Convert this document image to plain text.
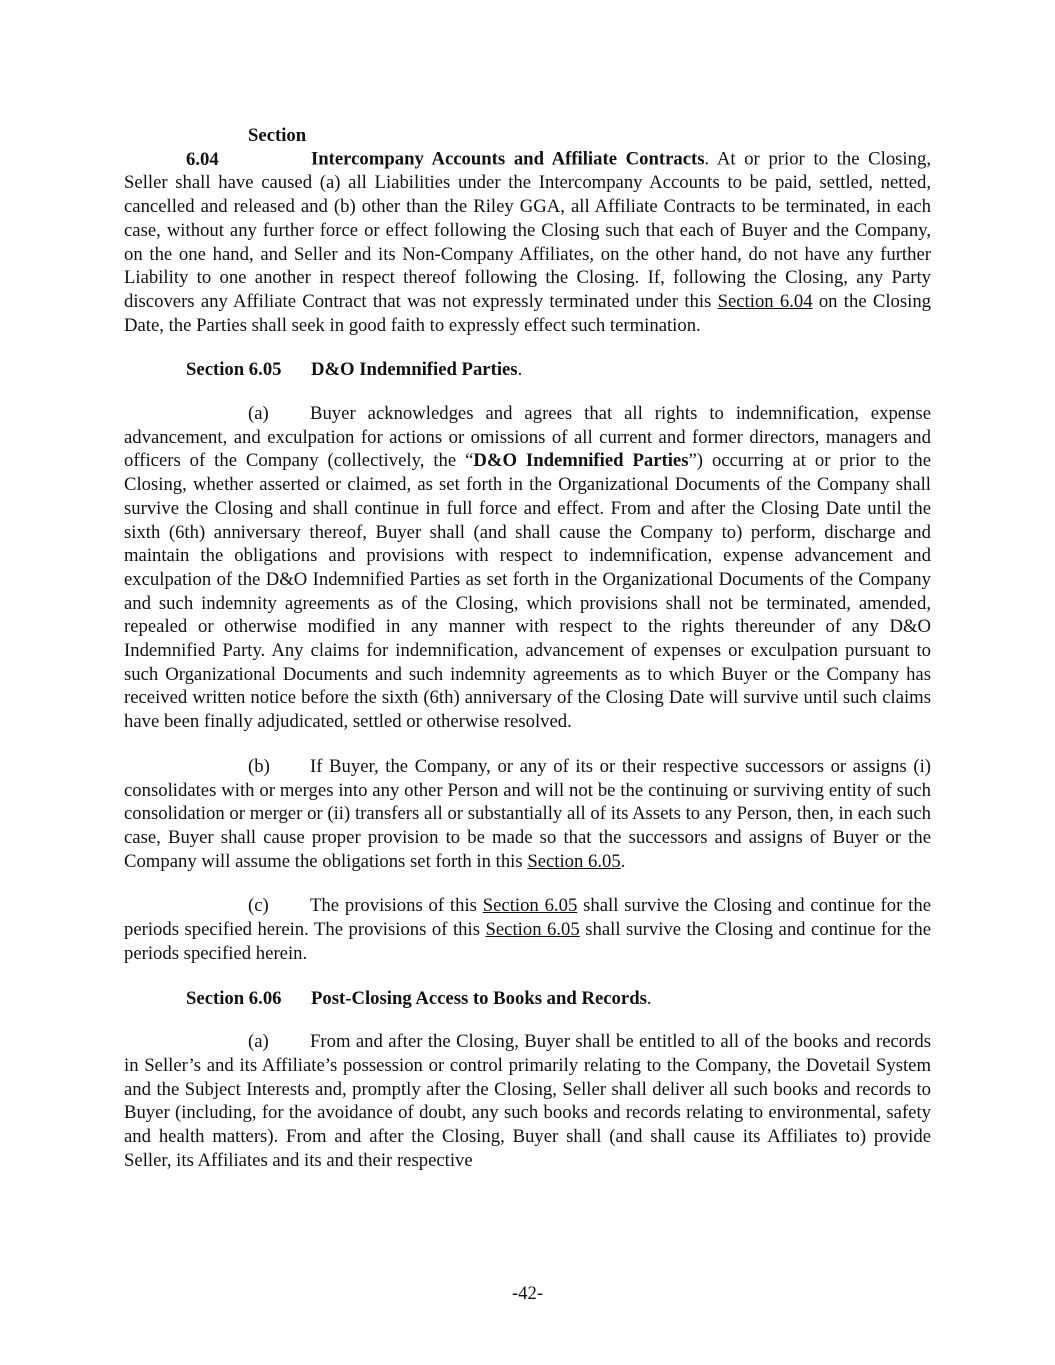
Section 6.04	Intercompany Accounts and Affiliate Contracts. At or prior to the Closing, Seller shall have caused (a) all Liabilities under the Intercompany Accounts to be paid, settled, netted, cancelled and released and (b) other than the Riley GGA, all Affiliate Contracts to be terminated, in each case, without any further force or effect following the Closing such that each of Buyer and the Company, on the one hand, and Seller and its Non-Company Affiliates, on the other hand, do not have any further Liability to one another in respect thereof following the Closing. If, following the Closing, any Party discovers any Affiliate Contract that was not expressly terminated under this Section 6.04 on the Closing Date, the Parties shall seek in good faith to expressly effect such termination.

Section 6.05 D&O Indemnified Parties.

(a) Buyer acknowledges and agrees that all rights to indemnification, expense advancement, and exculpation for actions or omissions of all current and former directors, managers and officers of the Company (collectively, the “D&O Indemnified Parties”) occurring at or prior to the Closing, whether asserted or claimed, as set forth in the Organizational Documents of the Company shall survive the Closing and shall continue in full force and effect. From and after the Closing Date until the sixth (6th) anniversary thereof, Buyer shall (and shall cause the Company to) perform, discharge and maintain the obligations and provisions with respect to indemnification, expense advancement and exculpation of the D&O Indemnified Parties as set forth in the Organizational Documents of the Company and such indemnity agreements as of the Closing, which provisions shall not be terminated, amended, repealed or otherwise modified in any manner with respect to the rights thereunder of any D&O Indemnified Party. Any claims for indemnification, advancement of expenses or exculpation pursuant to such Organizational Documents and such indemnity agreements as to which Buyer or the Company has received written notice before the sixth (6th) anniversary of the Closing Date will survive until such claims have been finally adjudicated, settled or otherwise resolved.

(b) If Buyer, the Company, or any of its or their respective successors or assigns (i) consolidates with or merges into any other Person and will not be the continuing or surviving entity of such consolidation or merger or (ii) transfers all or substantially all of its Assets to any Person, then, in each such case, Buyer shall cause proper provision to be made so that the successors and assigns of Buyer or the Company will assume the obligations set forth in this Section 6.05.

(c) The provisions of this Section 6.05 shall survive the Closing and continue for the periods specified herein. The provisions of this Section 6.05 shall survive the Closing and continue for the periods specified herein.

Section 6.06 Post-Closing Access to Books and Records.

(a) From and after the Closing, Buyer shall be entitled to all of the books and records in Seller’s and its Affiliate’s possession or control primarily relating to the Company, the Dovetail System and the Subject Interests and, promptly after the Closing, Seller shall deliver all such books and records to Buyer (including, for the avoidance of doubt, any such books and records relating to environmental, safety and health matters). From and after the Closing, Buyer shall (and shall cause its Affiliates to) provide Seller, its Affiliates and its and their respective

-42-
